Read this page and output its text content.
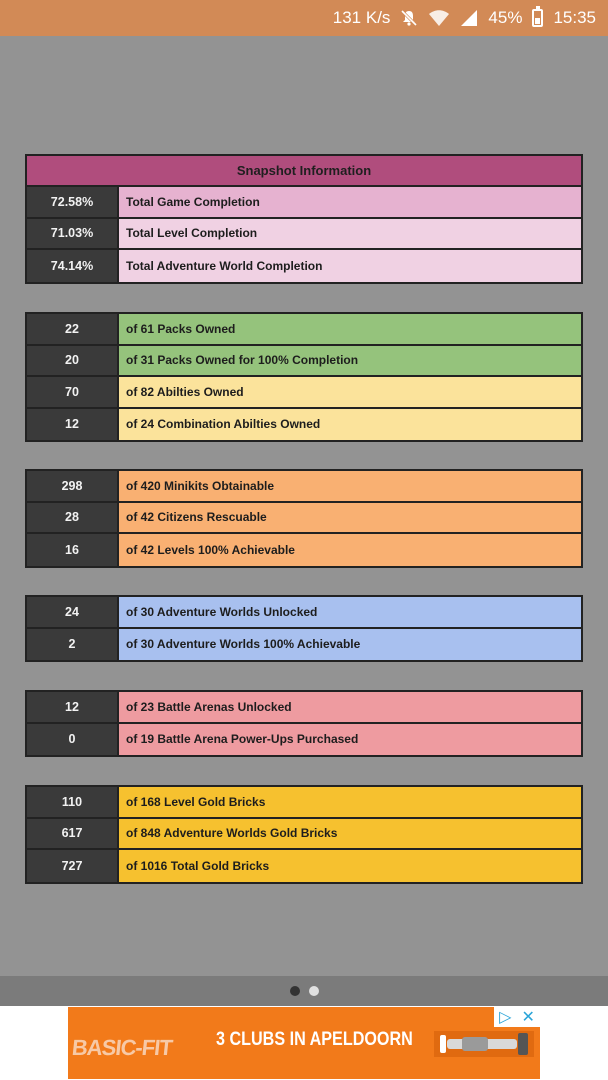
131 K/s	45% 15:35
Snapshot Information
72.58%	Total Game Completion
71.03%	Total Level Completion
74.14%	Total Adventure World Completion
22	of 61 Packs Owned
20	of 31 Packs Owned for 100% Completion
70	of 82 Abilties Owned
12	of 24 Combination Abilties Owned
298	of 420 Minikits Obtainable
28	of 42 Citizens Rescuable
16	of 42 Levels 100% Achievable
24	of 30 Adventure Worlds Unlocked
2	of 30 Adventure Worlds 100% Achievable
12	of 23 Battle Arenas Unlocked
0	of 19 Battle Arena Power-Ups Purchased
110	of 168 Level Gold Bricks
617	of 848 Adventure Worlds Gold Bricks
727	of 1016 Total Gold Bricks
BASIC-FIT 3 CLUBS IN APELDOORN
▷ ✕
